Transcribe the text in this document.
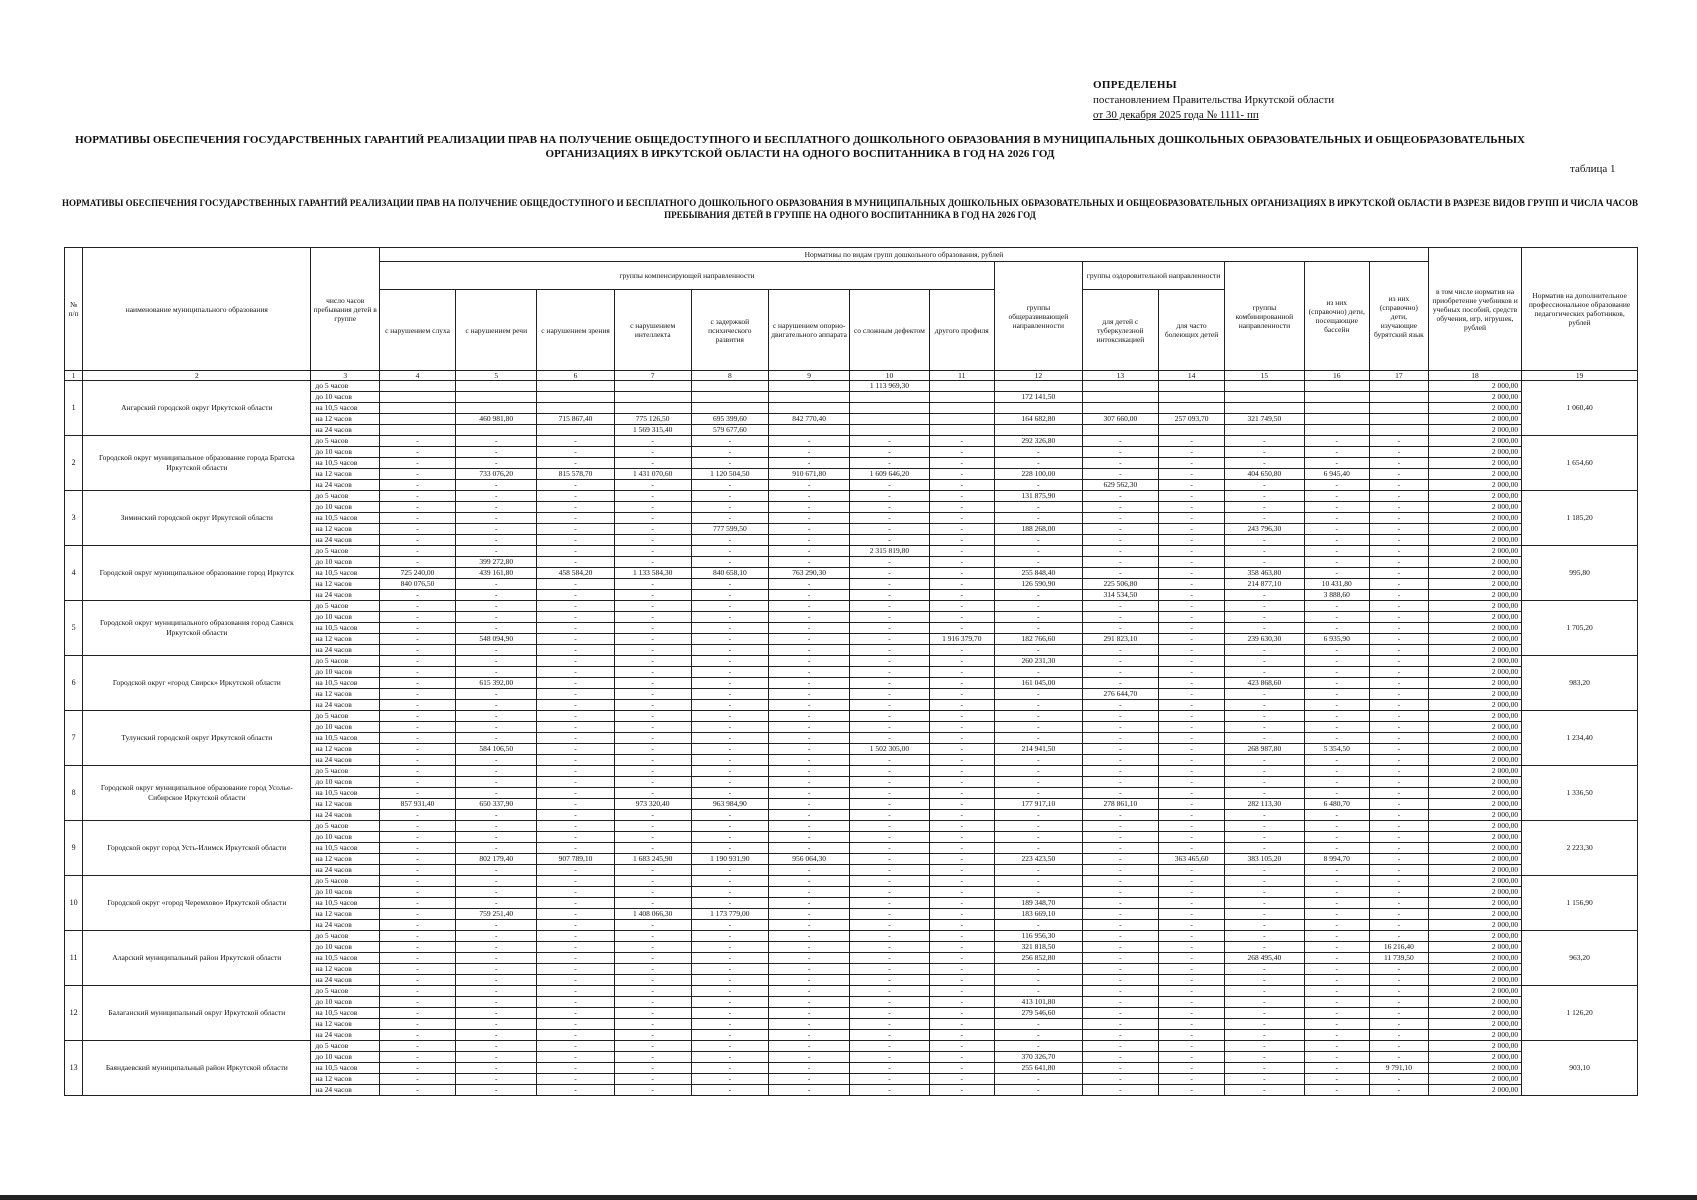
ОПРЕДЕЛЕНЫ
постановлением Правительства Иркутской области
от 30 декабря 2025 года № 1111- пп
НОРМАТИВЫ ОБЕСПЕЧЕНИЯ ГОСУДАРСТВЕННЫХ ГАРАНТИЙ РЕАЛИЗАЦИИ ПРАВ НА ПОЛУЧЕНИЕ ОБЩЕДОСТУПНОГО И БЕСПЛАТНОГО ДОШКОЛЬНОГО ОБРАЗОВАНИЯ В МУНИЦИПАЛЬНЫХ ДОШКОЛЬНЫХ ОБРАЗОВАТЕЛЬНЫХ И ОБЩЕОБРАЗОВАТЕЛЬНЫХ ОРГАНИЗАЦИЯХ В ИРКУТСКОЙ ОБЛАСТИ НА ОДНОГО ВОСПИТАННИКА В ГОД НА 2026 ГОД
таблица 1
НОРМАТИВЫ ОБЕСПЕЧЕНИЯ ГОСУДАРСТВЕННЫХ ГАРАНТИЙ РЕАЛИЗАЦИИ ПРАВ НА ПОЛУЧЕНИЕ ОБЩЕДОСТУПНОГО И БЕСПЛАТНОГО ДОШКОЛЬНОГО ОБРАЗОВАНИЯ В МУНИЦИПАЛЬНЫХ ДОШКОЛЬНЫХ ОБРАЗОВАТЕЛЬНЫХ И ОБЩЕОБРАЗОВАТЕЛЬНЫХ ОРГАНИЗАЦИЯХ В ИРКУТСКОЙ ОБЛАСТИ В РАЗРЕЗЕ ВИДОВ ГРУПП И ЧИСЛА ЧАСОВ ПРЕБЫВАНИЯ ДЕТЕЙ В ГРУППЕ НА ОДНОГО ВОСПИТАННИКА В ГОД НА 2026 ГОД
№ п/п	наименование муниципального образования	число часов пребывания детей в группе	Нормативы по видам групп дошкольного образования, рублей														в том числе норматив на приобретение учебников и учебных пособий, средств обучения, игр, игрушек, рублей	Норматив на дополнительное профессиональное образование педагогических работников, рублей
			группы компенсирующей направленности								группы общеразвивающей направленности	группы оздоровительной направленности		группы комбинированной направленности	из них (справочно) дети, посещающие бассейн	из них (справочно) дети, изучающие бурятский язык		
			с нарушением слуха	с нарушением речи	с нарушением зрения	с нарушением интеллекта	с задержкой психического развития	с нарушением опорно-двигательного аппарата	со сложным дефектом	другого профиля		для детей с туберкулезной интоксикацией	для часто болеющих детей					
1	2	3	4	5	6	7	8	9	10	11	12	13	14	15	16	17	18	19
1	Ангарский городской округ Иркутской области	до 5 часов							1 113 969,30								2 000,00	1 060,40
		до 10 часов									172 141,50						2 000,00	
		на 10,5 часов															2 000,00	
		на 12 часов		460 981,80	715 867,40	775 126,50	695 399,60	842 770,40			164 682,80	307 660,00	257 093,70	321 749,50			2 000,00	
		на 24 часов				1 569 315,40	579 677,60										2 000,00	
2	Городской округ муниципальное образование города Братска Иркутской области	до 5 часов	-	-	-	-	-	-	-	-	292 326,80	-	-	-	-	-	2 000,00	1 654,60
		до 10 часов	-	-	-	-	-	-	-	-	-	-	-	-	-	-	2 000,00	
		на 10,5 часов	-	-	-	-	-	-	-	-	-	-	-	-	-	-	2 000,00	
		на 12 часов	-	733 076,20	815 578,70	1 431 070,60	1 120 504,50	910 671,80	1 609 646,20	-	228 100,00	-	-	404 650,80	6 945,40	-	2 000,00	
		на 24 часов	-	-	-	-	-	-	-	-	-	629 562,30	-	-	-	-	2 000,00	
3	Зиминский городской округ Иркутской области	до 5 часов	-	-	-	-	-	-	-	-	131 875,90	-	-	-	-	-	2 000,00	1 185,20
		до 10 часов	-	-	-	-	-	-	-	-	-	-	-	-	-	-	2 000,00	
		на 10,5 часов	-	-	-	-	-	-	-	-	-	-	-	-	-	-	2 000,00	
		на 12 часов	-	-	-	-	777 599,50	-	-	-	188 268,00	-	-	243 796,30	-	-	2 000,00	
		на 24 часов	-	-	-	-	-	-	-	-	-	-	-	-	-	-	2 000,00	
4	Городской округ муниципальное образование город Иркутск	до 5 часов	-	-	-	-	-	-	2 315 819,80	-	-	-	-	-	-	-	2 000,00	995,80
		до 10 часов	-	399 272,80	-	-	-	-	-	-	-	-	-	-	-	-	2 000,00	
		на 10,5 часов	725 240,00	439 161,80	458 584,20	1 133 584,30	840 658,10	763 290,30	-	-	255 848,40	-	-	358 463,80	-	-	2 000,00	
		на 12 часов	840 076,50	-	-	-	-	-	-	-	126 590,90	225 506,80	-	214 877,10	10 431,80	-	2 000,00	
		на 24 часов	-	-	-	-	-	-	-	-	-	314 534,50	-	-	3 888,60	-	2 000,00	
5	Городской округ муниципального образования город Саянск Иркутской области	до 5 часов	-	-	-	-	-	-	-	-	-	-	-	-	-	-	2 000,00	1 705,20
		до 10 часов	-	-	-	-	-	-	-	-	-	-	-	-	-	-	2 000,00	
		на 10,5 часов	-	-	-	-	-	-	-	-	-	-	-	-	-	-	2 000,00	
		на 12 часов	-	548 094,90	-	-	-	-	-	1 916 379,70	182 766,60	291 823,10	-	239 630,30	6 935,90	-	2 000,00	
		на 24 часов	-	-	-	-	-	-	-	-	-	-	-	-	-	-	2 000,00	
6	Городской округ «город Свирск» Иркутской области	до 5 часов	-	-	-	-	-	-	-	-	260 231,30	-	-	-	-	-	2 000,00	983,20
		до 10 часов	-	-	-	-	-	-	-	-	-	-	-	-	-	-	2 000,00	
		на 10,5 часов	-	615 392,00	-	-	-	-	-	-	161 045,00	-	-	423 868,60	-	-	2 000,00	
		на 12 часов	-	-	-	-	-	-	-	-	-	276 644,70	-	-	-	-	2 000,00	
		на 24 часов	-	-	-	-	-	-	-	-	-	-	-	-	-	-	2 000,00	
7	Тулунский городской округ Иркутской области	до 5 часов	-	-	-	-	-	-	-	-	-	-	-	-	-	-	2 000,00	1 234,40
		до 10 часов	-	-	-	-	-	-	-	-	-	-	-	-	-	-	2 000,00	
		на 10,5 часов	-	-	-	-	-	-	-	-	-	-	-	-	-	-	2 000,00	
		на 12 часов	-	584 106,50	-	-	-	-	1 502 305,00	-	214 941,50	-	-	268 987,80	5 354,50	-	2 000,00	
		на 24 часов	-	-	-	-	-	-	-	-	-	-	-	-	-	-	2 000,00	
8	Городской округ муниципальное образование город Усолье-Сибирское Иркутской области	до 5 часов	-	-	-	-	-	-	-	-	-	-	-	-	-	-	2 000,00	1 336,50
		до 10 часов	-	-	-	-	-	-	-	-	-	-	-	-	-	-	2 000,00	
		на 10,5 часов	-	-	-	-	-	-	-	-	-	-	-	-	-	-	2 000,00	
		на 12 часов	857 931,40	650 337,90	-	973 320,40	963 984,90	-	-	-	177 917,10	278 861,10	-	282 113,30	6 480,70	-	2 000,00	
		на 24 часов	-	-	-	-	-	-	-	-	-	-	-	-	-	-	2 000,00	
9	Городской округ город Усть-Илимск Иркутской области	до 5 часов	-	-	-	-	-	-	-	-	-	-	-	-	-	-	2 000,00	2 223,30
		до 10 часов	-	-	-	-	-	-	-	-	-	-	-	-	-	-	2 000,00	
		на 10,5 часов	-	-	-	-	-	-	-	-	-	-	-	-	-	-	2 000,00	
		на 12 часов	-	802 179,40	907 789,10	1 683 245,90	1 190 931,90	956 064,30	-	-	223 423,50	-	363 465,60	383 105,20	8 994,70	-	2 000,00	
		на 24 часов	-	-	-	-	-	-	-	-	-	-	-	-	-	-	2 000,00	
10	Городской округ «город Черемхово» Иркутской области	до 5 часов	-	-	-	-	-	-	-	-	-	-	-	-	-	-	2 000,00	1 156,90
		до 10 часов	-	-	-	-	-	-	-	-	-	-	-	-	-	-	2 000,00	
		на 10,5 часов	-	-	-	-	-	-	-	-	189 348,70	-	-	-	-	-	2 000,00	
		на 12 часов	-	759 251,40	-	1 408 066,30	1 173 779,00	-	-	-	183 669,10	-	-	-	-	-	2 000,00	
		на 24 часов	-	-	-	-	-	-	-	-	-	-	-	-	-	-	2 000,00	
11	Аларский муниципальный район Иркутской области	до 5 часов	-	-	-	-	-	-	-	-	116 956,30	-	-	-	-	-	2 000,00	963,20
		до 10 часов	-	-	-	-	-	-	-	-	321 818,50	-	-	-	-	16 216,40	2 000,00	
		на 10,5 часов	-	-	-	-	-	-	-	-	256 852,80	-	-	268 495,40	-	11 739,50	2 000,00	
		на 12 часов	-	-	-	-	-	-	-	-	-	-	-	-	-	-	2 000,00	
		на 24 часов	-	-	-	-	-	-	-	-	-	-	-	-	-	-	2 000,00	
12	Балаганский муниципальный округ Иркутской области	до 5 часов	-	-	-	-	-	-	-	-	-	-	-	-	-	-	2 000,00	1 126,20
		до 10 часов	-	-	-	-	-	-	-	-	413 101,80	-	-	-	-	-	2 000,00	
		на 10,5 часов	-	-	-	-	-	-	-	-	279 546,60	-	-	-	-	-	2 000,00	
		на 12 часов	-	-	-	-	-	-	-	-	-	-	-	-	-	-	2 000,00	
		на 24 часов	-	-	-	-	-	-	-	-	-	-	-	-	-	-	2 000,00	
13	Баяндаевский муниципальный район Иркутской области	до 5 часов	-	-	-	-	-	-	-	-	-	-	-	-	-	-	2 000,00	903,10
		до 10 часов	-	-	-	-	-	-	-	-	370 326,70	-	-	-	-	-	2 000,00	
		на 10,5 часов	-	-	-	-	-	-	-	-	255 641,80	-	-	-	-	9 791,10	2 000,00	
		на 12 часов	-	-	-	-	-	-	-	-	-	-	-	-	-	-	2 000,00	
		на 24 часов	-	-	-	-	-	-	-	-	-	-	-	-	-	-	2 000,00	
